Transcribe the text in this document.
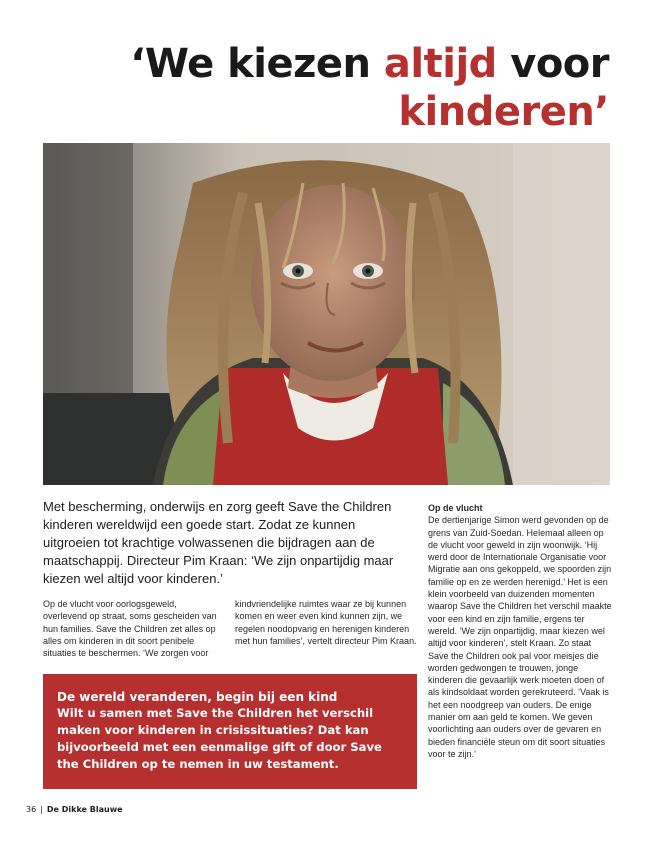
‘We kiezen altijd voor
kinderen’

Met bescherming, onderwijs en zorg geeft Save the Children kinderen wereldwijd een goede start. Zodat ze kunnen uitgroeien tot krachtige volwassenen die bijdragen aan de maatschappij. Directeur Pim Kraan: ‘We zijn onpartijdig maar kiezen wel altijd voor kinderen.’

Op de vlucht voor oorlogsgeweld, overlevend op straat, soms gescheiden van hun families. Save the Children zet alles op alles om kinderen in dit soort penibele situaties te beschermen. ‘We zorgen voor

kindvriendelijke ruimtes waar ze bij kunnen komen en weer even kind kunnen zijn, we regelen noodopvang en herenigen kinderen met hun families’, vertelt directeur Pim Kraan.

Op de vlucht
De dertienjarige Simon werd gevonden op de grens van Zuid-Soedan. Helemaal alleen op de vlucht voor geweld in zijn woonwijk. ‘Hij werd door de Internationale Organisatie voor Migratie aan ons gekoppeld, we spoorden zijn familie op en ze werden herenigd.’ Het is een klein voorbeeld van duizenden momenten waarop Save the Children het verschil maakte voor een kind en zijn familie, ergens ter wereld. ‘We zijn onpartijdig, maar kiezen wel altijd voor kinderen’, stelt Kraan. Zo staat Save the Children ook pal voor meisjes die worden gedwongen te trouwen, jonge kinderen die gevaarlijk werk moeten doen of als kindsoldaat worden gerekruteerd. ‘Vaak is het een noodgreep van ouders. De enige manier om aan geld te komen. We geven voorlichting aan ouders over de gevaren en bieden financiële steun om dit soort situaties voor te zijn.’

De wereld veranderen, begin bij een kind
Wilt u samen met Save the Children het verschil maken voor kinderen in crisissituaties? Dat kan bijvoorbeeld met een eenmalige gift of door Save the Children op te nemen in uw testament.
36 | De Dikke Blauwe
